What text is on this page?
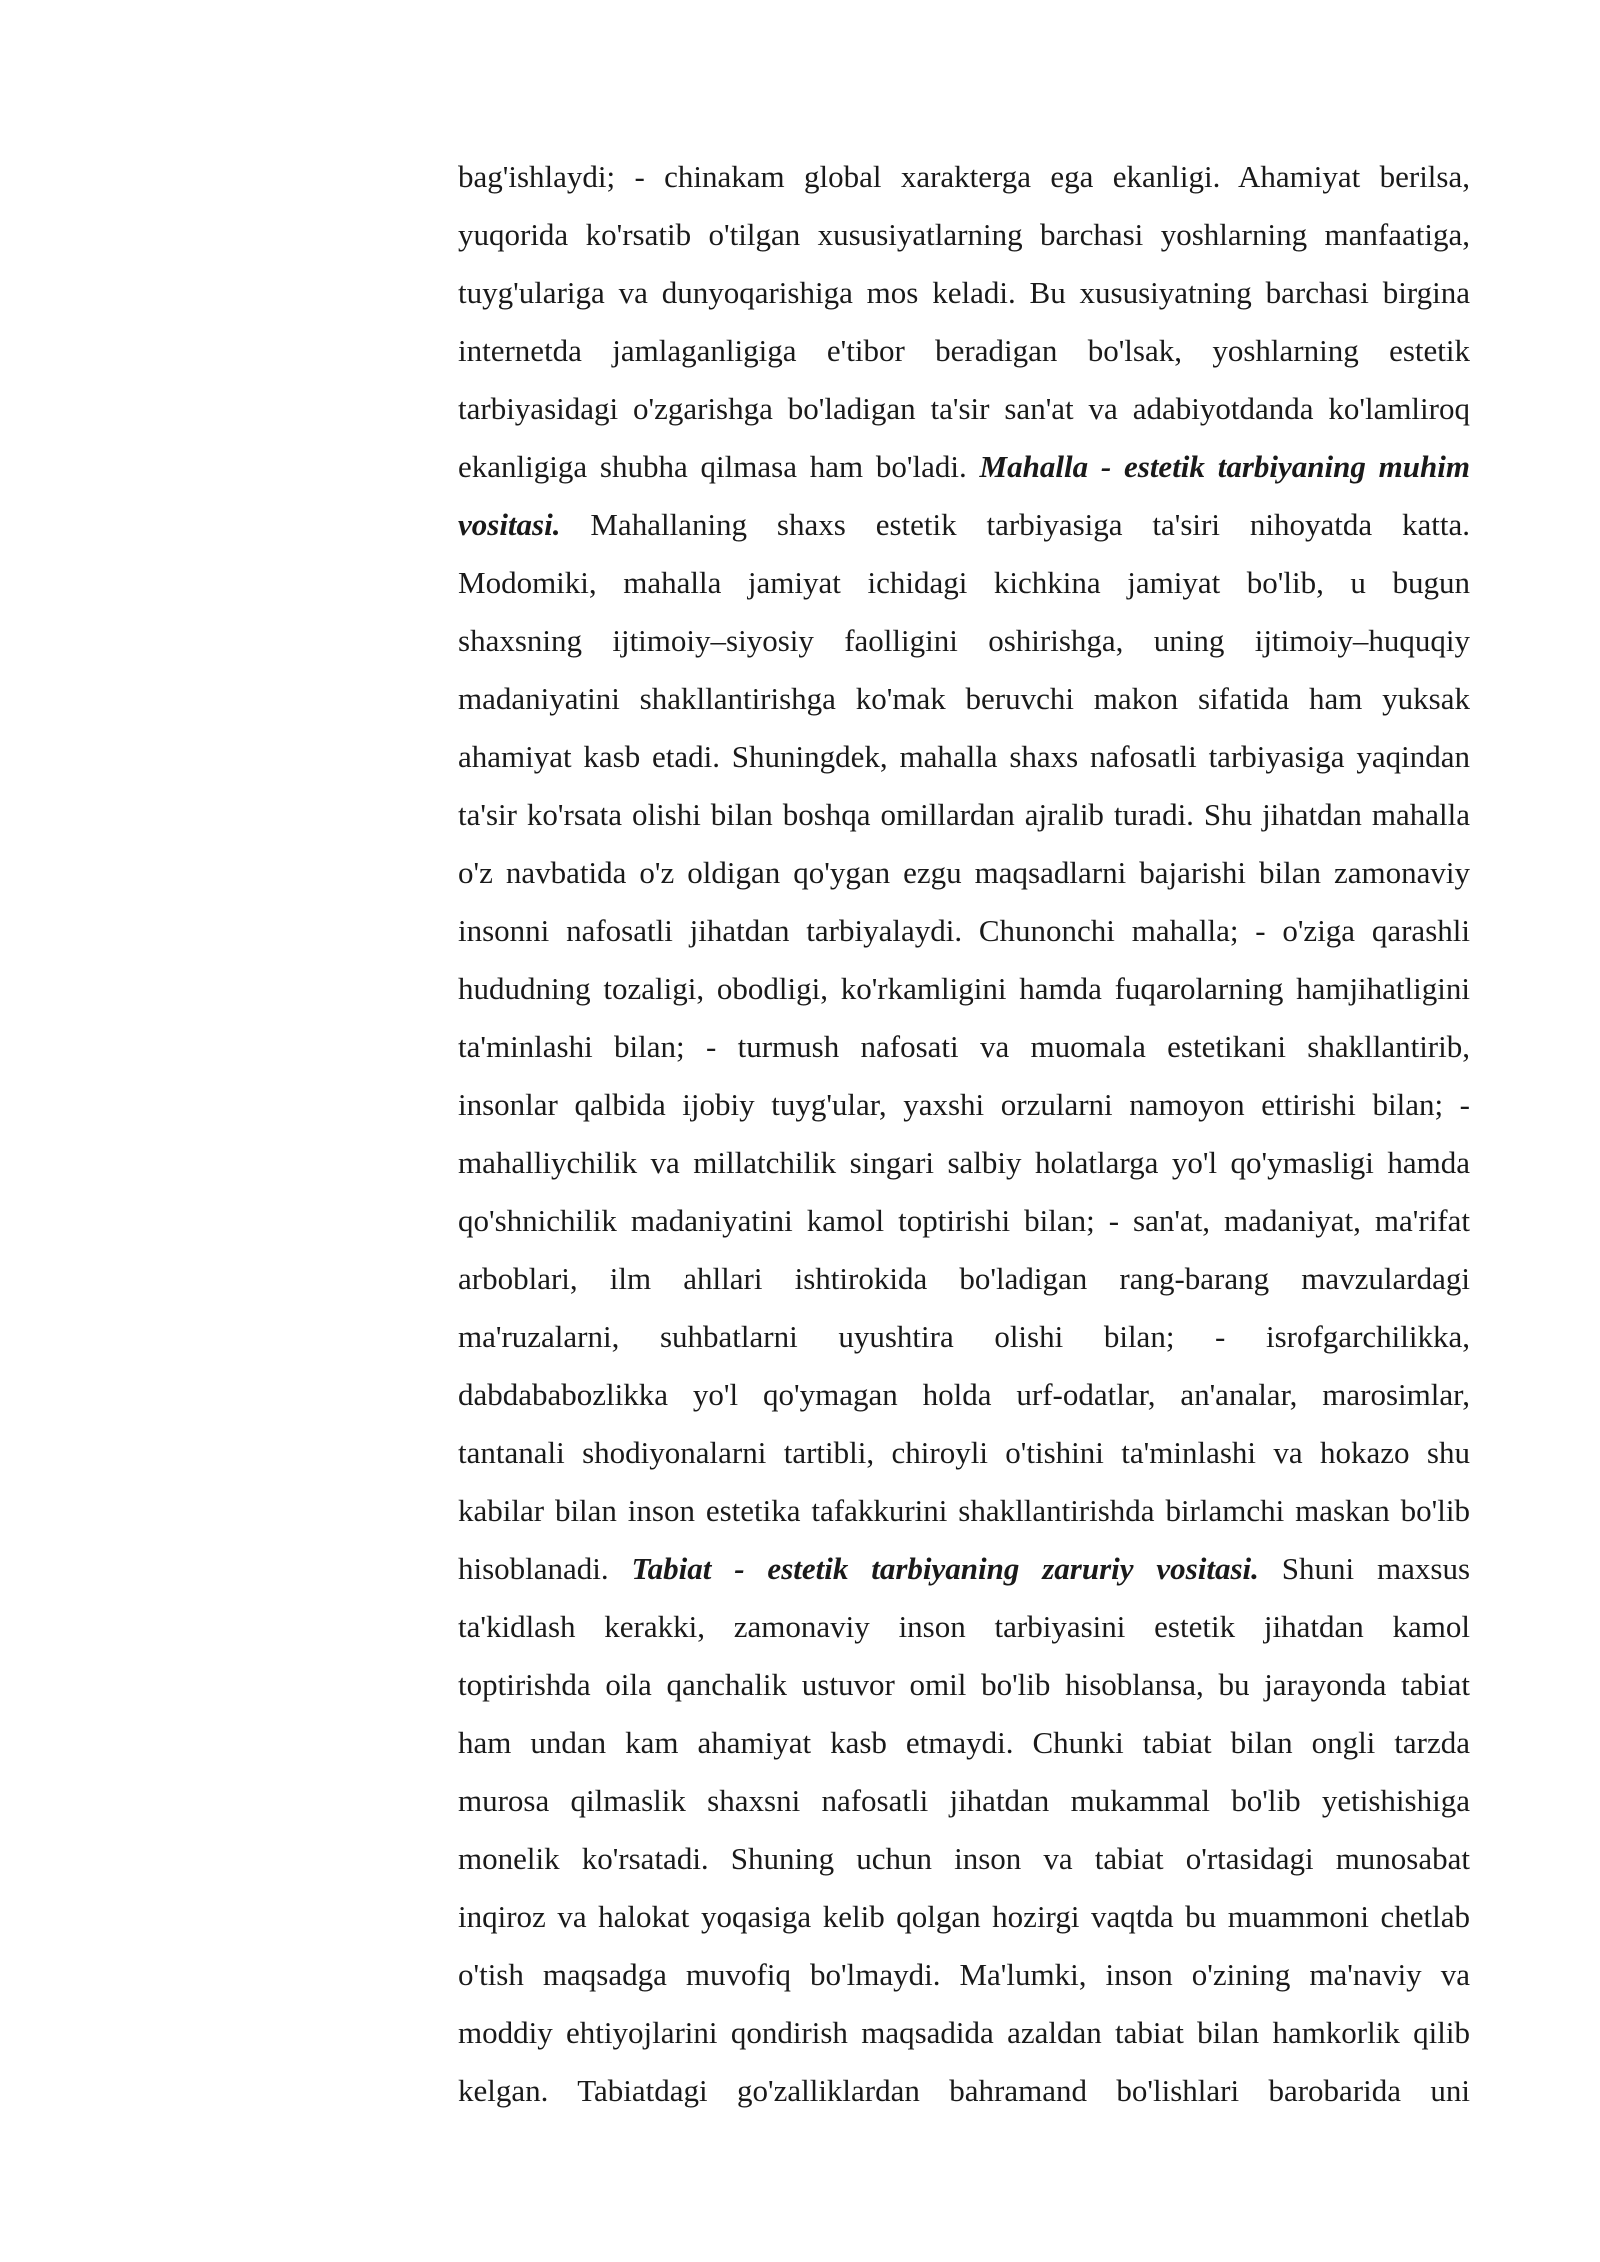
bag'ishlaydi; - chinakam global xarakterga ega ekanligi. Ahamiyat berilsa,
yuqorida ko'rsatib o'tilgan xususiyatlarning barchasi yoshlarning manfaatiga,
tuyg'ulariga va dunyoqarishiga mos keladi. Bu xususiyatning barchasi birgina
internetda jamlaganligiga e'tibor beradigan bo'lsak, yoshlarning estetik
tarbiyasidagi o'zgarishga bo'ladigan ta'sir san'at va adabiyotdanda ko'lamliroq
ekanligiga shubha qilmasa ham bo'ladi. Mahalla - estetik tarbiyaning muhim
vositasi. Mahallaning shaxs estetik tarbiyasiga ta'siri nihoyatda katta.
Modomiki, mahalla jamiyat ichidagi kichkina jamiyat bo'lib, u bugun
shaxsning ijtimoiy–siyosiy faolligini oshirishga, uning ijtimoiy–huquqiy
madaniyatini shakllantirishga ko'mak beruvchi makon sifatida ham yuksak
ahamiyat kasb etadi. Shuningdek, mahalla shaxs nafosatli tarbiyasiga yaqindan
ta'sir ko'rsata olishi bilan boshqa omillardan ajralib turadi. Shu jihatdan mahalla
o'z navbatida o'z oldigan qo'ygan ezgu maqsadlarni bajarishi bilan zamonaviy
insonni nafosatli jihatdan tarbiyalaydi. Chunonchi mahalla; - o'ziga qarashli
hududning tozaligi, obodligi, ko'rkamligini hamda fuqarolarning hamjihatligini
ta'minlashi bilan; - turmush nafosati va muomala estetikani shakllantirib,
insonlar qalbida ijobiy tuyg'ular, yaxshi orzularni namoyon ettirishi bilan; -
mahalliychilik va millatchilik singari salbiy holatlarga yo'l qo'ymasligi hamda
qo'shnichilik madaniyatini kamol toptirishi bilan; - san'at, madaniyat, ma'rifat
arboblari, ilm ahllari ishtirokida bo'ladigan rang-barang mavzulardagi
ma'ruzalarni, suhbatlarni uyushtira olishi bilan; - isrofgarchilikka,
dabdababozlikka yo'l qo'ymagan holda urf-odatlar, an'analar, marosimlar,
tantanali shodiyonalarni tartibli, chiroyli o'tishini ta'minlashi va hokazo shu
kabilar bilan inson estetika tafakkurini shakllantirishda birlamchi maskan bo'lib
hisoblanadi. Tabiat - estetik tarbiyaning zaruriy vositasi. Shuni maxsus
ta'kidlash kerakki, zamonaviy inson tarbiyasini estetik jihatdan kamol
toptirishda oila qanchalik ustuvor omil bo'lib hisoblansa, bu jarayonda tabiat
ham undan kam ahamiyat kasb etmaydi. Chunki tabiat bilan ongli tarzda
murosa qilmaslik shaxsni nafosatli jihatdan mukammal bo'lib yetishishiga
monelik ko'rsatadi. Shuning uchun inson va tabiat o'rtasidagi munosabat
inqiroz va halokat yoqasiga kelib qolgan hozirgi vaqtda bu muammoni chetlab
o'tish maqsadga muvofiq bo'lmaydi. Ma'lumki, inson o'zining ma'naviy va
moddiy ehtiyojlarini qondirish maqsadida azaldan tabiat bilan hamkorlik qilib
kelgan. Tabiatdagi go'zalliklardan bahramand bo'lishlari barobarida uni
